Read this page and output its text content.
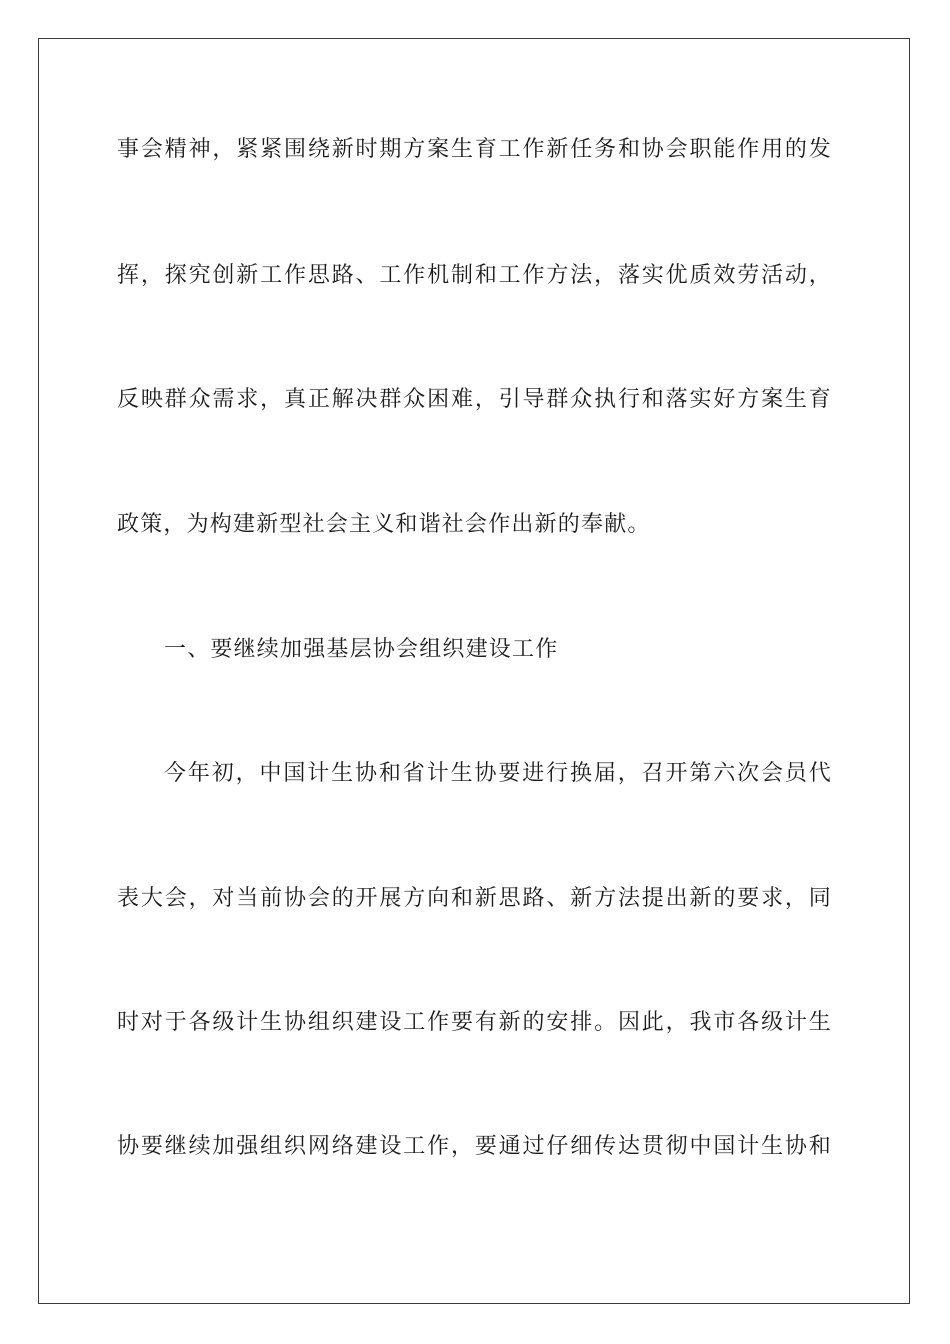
事会精神，紧紧围绕新时期方案生育工作新任务和协会职能作用的发
挥，探究创新工作思路、工作机制和工作方法，落实优质效劳活动，
反映群众需求，真正解决群众困难，引导群众执行和落实好方案生育
政策，为构建新型社会主义和谐社会作出新的奉献。
一、要继续加强基层协会组织建设工作
今年初，中国计生协和省计生协要进行换届，召开第六次会员代
表大会，对当前协会的开展方向和新思路、新方法提出新的要求，同
时对于各级计生协组织建设工作要有新的安排。因此，我市各级计生
协要继续加强组织网络建设工作，要通过仔细传达贯彻中国计生协和
